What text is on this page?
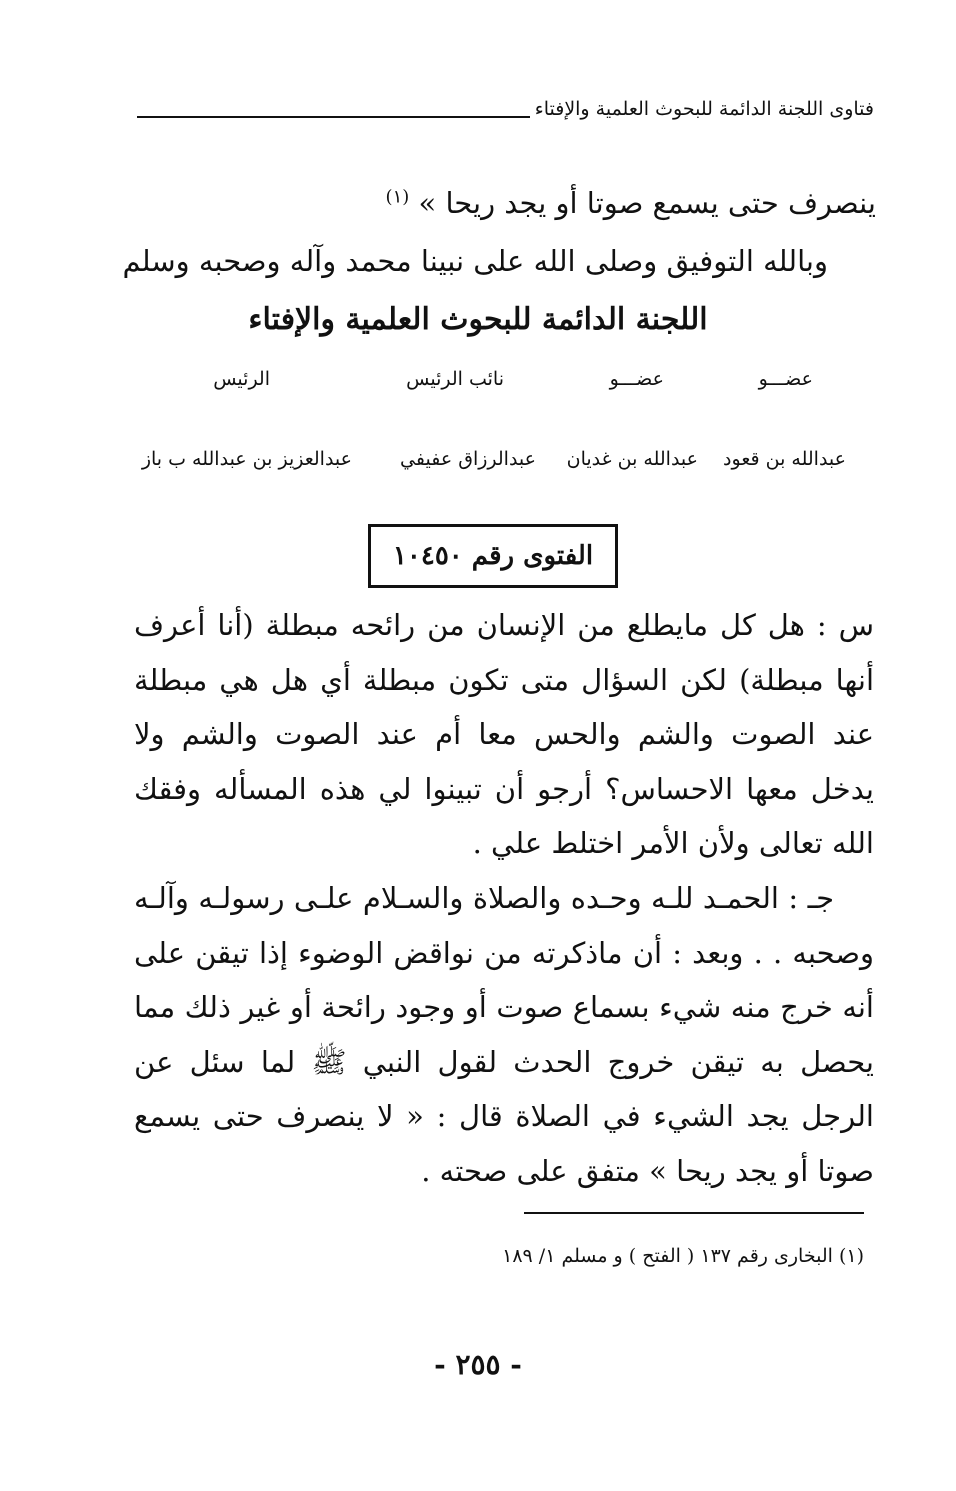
فتاوى اللجنة الدائمة للبحوث العلمية والإفتاء
ينصرف حتى يسمع صوتا أو يجد ريحا » $^{(١)}$
وبالله التوفيق وصلى الله على نبينا محمد وآله وصحبه وسلم
اللجنة الدائمة للبحوث العلمية والإفتاء
عضـــو
عضـــو
نائب الرئيس
الرئيس
عبدالله بن قعود
عبدالله بن غديان
عبدالرزاق عفيفي
عبدالعزيز بن عبدالله ب باز
الفتوى رقم ١٠٤٥٠

س : هل كل مايطلع من الإنسان من رائحه مبطلة (أنا أعرف أنها مبطلة) لكن السؤال متى تكون مبطلة أي هل هي مبطلة عند الصوت والشم والحس معا أم عند الصوت والشم ولا يدخل معها الاحساس؟ أرجو أن تبينوا لي هذه المسأله وفقك الله تعالى ولأن الأمر اختلط علي .

جـ : الحمـد للـه وحـده والصلاة والسـلام علـى رسولـه وآلـه وصحبه . . وبعد : أن ماذكرته من نواقض الوضوء إذا تيقن على أنه خرج منه شيء بسماع صوت أو وجود رائحة أو غير ذلك مما يحصل به تيقن خروج الحدث لقول النبي ﷺ لما سئل عن الرجل يجد الشيء في الصلاة قال : « لا ينصرف حتى يسمع صوتا أو يجد ريحا » متفق على صحته .

(١) البخارى رقم ١٣٧ ( الفتح ) و مسلم ١/ ١٨٩
- ٢٥٥ -
